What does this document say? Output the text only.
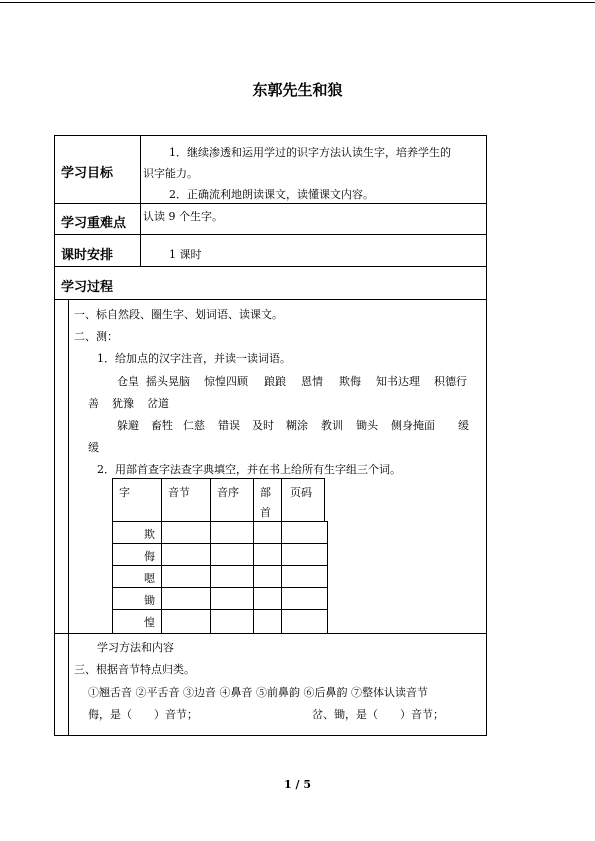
东郭先生和狼
学习目标
学习重难点
课时安排
学习过程
1．继续渗透和运用学过的识字方法认读生字，培养学生的
识字能力。
2．正确流利地朗读课文，读懂课文内容。
认读 9 个生字。
1 课时
一、标自然段、圈生字、划词语、读课文。
二、测：
1．给加点的汉字注音，并读一读词语。
仓皇 摇头晃脑 惊惶四顾 踉踉 恩情 欺侮 知书达理 积德行
善 犹豫 岔道
躲避 畜牲 仁慈 错误 及时 糊涂 教训 锄头 侧身掩面 缓
缓
2．用部首查字法查字典填空，并在书上给所有生字组三个词。
学习方法和内容
三、根据音节特点归类。
①翘舌音 ②平舌音 ③边音 ④鼻音 ⑤前鼻韵 ⑥后鼻韵 ⑦整体认读音节
侮，是（　　）音节；	岔、锄，是（　　）音节；
字	音节 音序 部
首
页码
欺
侮
嗯
锄
惶
1 / 5
